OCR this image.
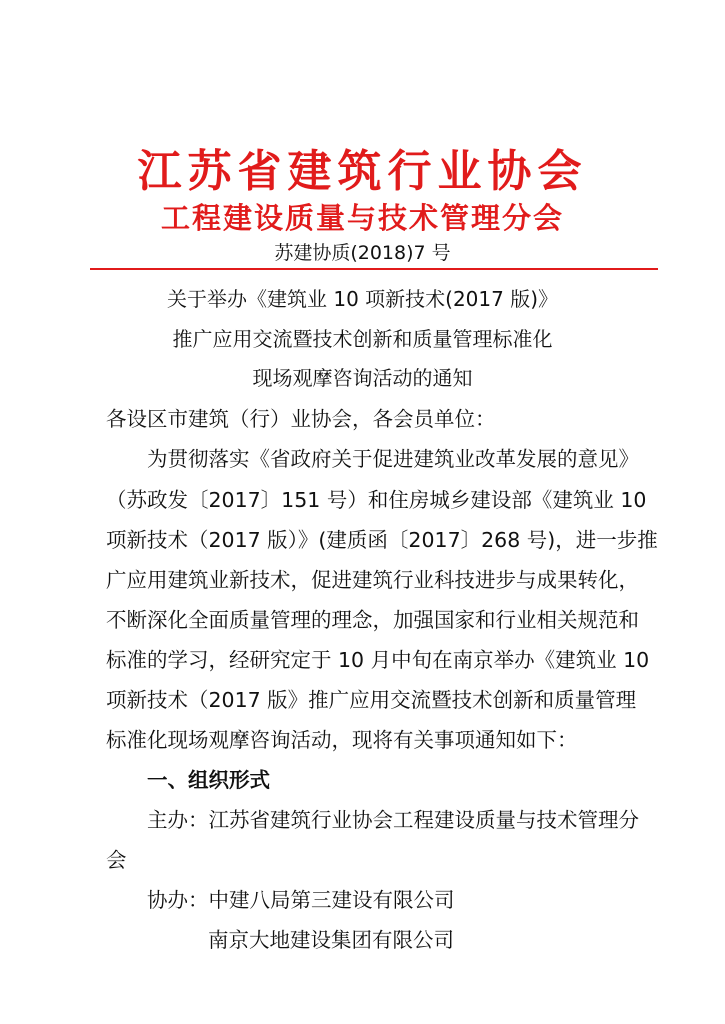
江苏省建筑行业协会
工程建设质量与技术管理分会
苏建协质(2018)7 号
关于举办《建筑业 10 项新技术(2017 版)》
推广应用交流暨技术创新和质量管理标准化
现场观摩咨询活动的通知
各设区市建筑（行）业协会，各会员单位：
为贯彻落实《省政府关于促进建筑业改革发展的意见》
（苏政发〔2017〕151 号）和住房城乡建设部《建筑业 10
项新技术（2017 版）》(建质函〔2017〕268 号)，进一步推
广应用建筑业新技术，促进建筑行业科技进步与成果转化，
不断深化全面质量管理的理念，加强国家和行业相关规范和
标准的学习，经研究定于 10 月中旬在南京举办《建筑业 10
项新技术（2017 版》推广应用交流暨技术创新和质量管理
标准化现场观摩咨询活动，现将有关事项通知如下：
一、组织形式
主办：江苏省建筑行业协会工程建设质量与技术管理分
会
协办：中建八局第三建设有限公司
南京大地建设集团有限公司
